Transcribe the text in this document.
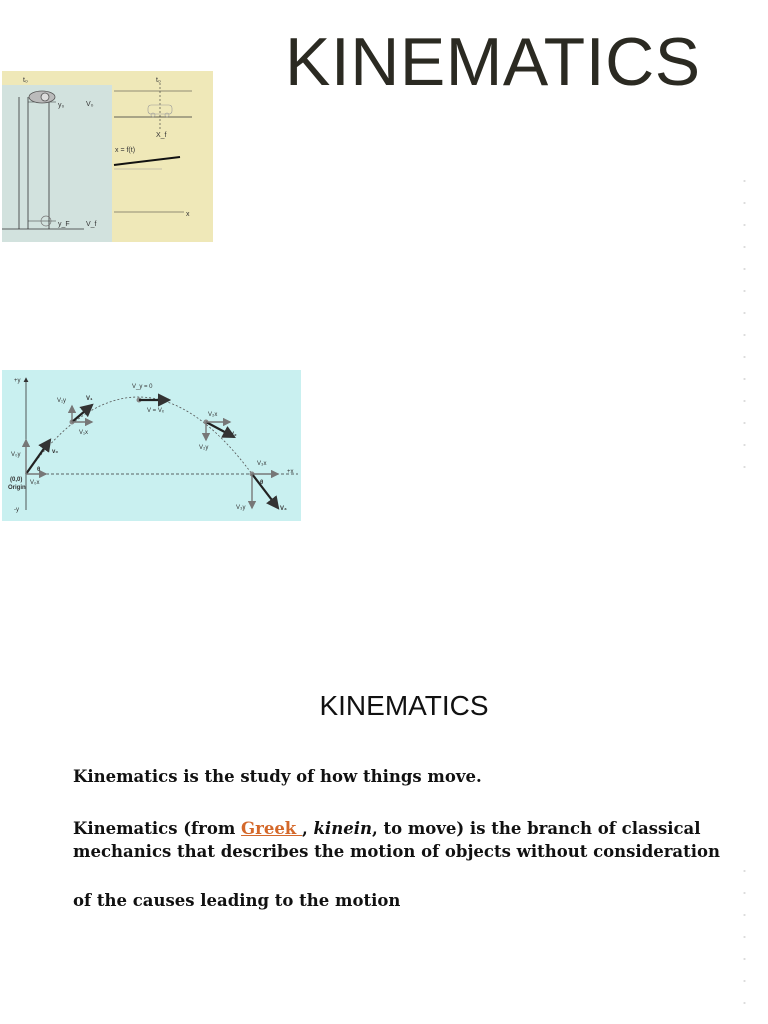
KINEMATICS
t₀	t₀
y₀	V₀
y_F V_f
X_f
x = f(t)
x
+y
-y
+x
(0,0)
Origin
θ
θ
v₀
V₀y
V₀x
V₁
V₁y
V₁x
V_y = 0
V = Vₓ
V₂
V₂y
V₂x
V₃
V₃y
V₃x
KINEMATICS
Kinematics is the study of how things move.
Kinematics (from Greek , kinein, to move) is the branch of classical
mechanics that describes the motion of objects without consideration
of the causes leading to the motion
